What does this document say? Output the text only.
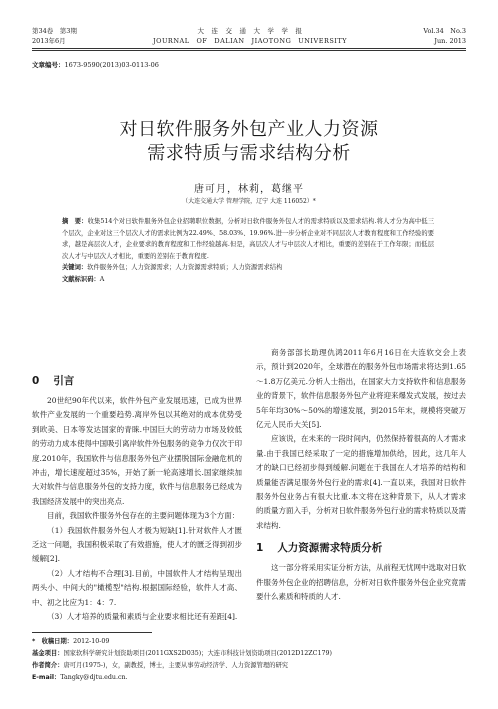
第34卷　第3期
2013年6月
大　连　交　通　大　学　学　报
JOURNAL　OF　DALIAN　JIAOTONG　UNIVERSITY
Vol.34　No.3
Jun. 2013
文章编号：1673-9590(2013)03-0113-06
对日软件服务外包产业人力资源
需求特质与需求结构分析
唐可月，林莉，葛继平
（大连交通大学 管理学院，辽宁 大连 116052）*
摘　要：收集514个对日软件服务外包企业招聘职位数据，分析对日软件服务外包人才的需求特质以及需求结构.将人才分为高中低三个层次，企业对这三个层次人才的需求比例为22.49%、58.03%、19.96%.进一步分析企业对不同层次人才教育程度和工作经验的要求，越是高层次人才，企业要求的教育程度和工作经验越高.但是，高层次人才与中层次人才相比，重要的差别在于工作年限；而低层次人才与中层次人才相比，重要的差别在于教育程度.
关键词：软件服务外包；人力资源需求；人力资源需求特质；人力资源需求结构
文献标识码：A
0 引言

20世纪90年代以来，软件外包产业发展迅速，已成为世界软件产业发展的一个重要趋势.离岸外包以其绝对的成本优势受到欧美、日本等发达国家的青睐.中国巨大的劳动力市场及较低的劳动力成本使得中国吸引离岸软件外包服务的竞争力仅次于印度.2010年，我国软件与信息服务外包产业摆脱国际金融危机的冲击，增长速度超过35%，开始了新一轮高速增长.国家继续加大对软件与信息服务外包的支持力度，软件与信息服务已经成为我国经济发展中的突出亮点.

目前，我国软件服务外包存在的主要问题体现为3个方面：

（1）我国软件服务外包人才极为短缺[1].针对软件人才匮乏这一问题，我国积极采取了有效措施，使人才的匮乏得到初步缓解[2].

（2）人才结构不合理[3].目前，中国软件人才结构呈现出两头小、中间大的"橄榄型"结构.根据国际经验，软件人才高、中、初之比应为1：4：7.

（3）人才培养的质量和素质与企业要求相比还有差距[4].

商务部部长助理仇鸿2011年6月16日在大连软交会上表示，预计到2020年，全球潜在的服务外包市场需求将达到1.65～1.8万亿美元.分析人士指出，在国家大力支持软件和信息服务业的背景下，软件信息服务外包产业将迎来爆发式发展，按过去5年年均30%～50%的增速发展，到2015年末，规模将突破万亿元人民币大关[5].

应该说，在未来的一段时间内，仍然保持着很高的人才需求量.由于我国已经采取了一定的措施增加供给，因此，这几年人才的缺口已经初步得到缓解.问题在于我国在人才培养的结构和质量能否满足服务外包行业的需求[4].一直以来，我国对日软件服务外包业务占有很大比重.本文将在这种背景下，从人才需求的质量方面入手，分析对日软件服务外包行业的需求特质以及需求结构.

1 人力资源需求特质分析

这一部分将采用实证分析方法，从前程无忧网中选取对日软件服务外包企业的招聘信息，分析对日软件服务外包企业究竟需要什么素质和特质的人才.

*　收稿日期：2012-10-09
基金项目：国家软科学研究计划资助项目(2011GXS2D035)；大连市科技计划资助项目(2012D12ZC179)
作者简介：唐可月(1975-)，女，副教授，博士，主要从事劳动经济学、人力资源管理的研究
E-mail：Tangky@djtu.edu.cn.
